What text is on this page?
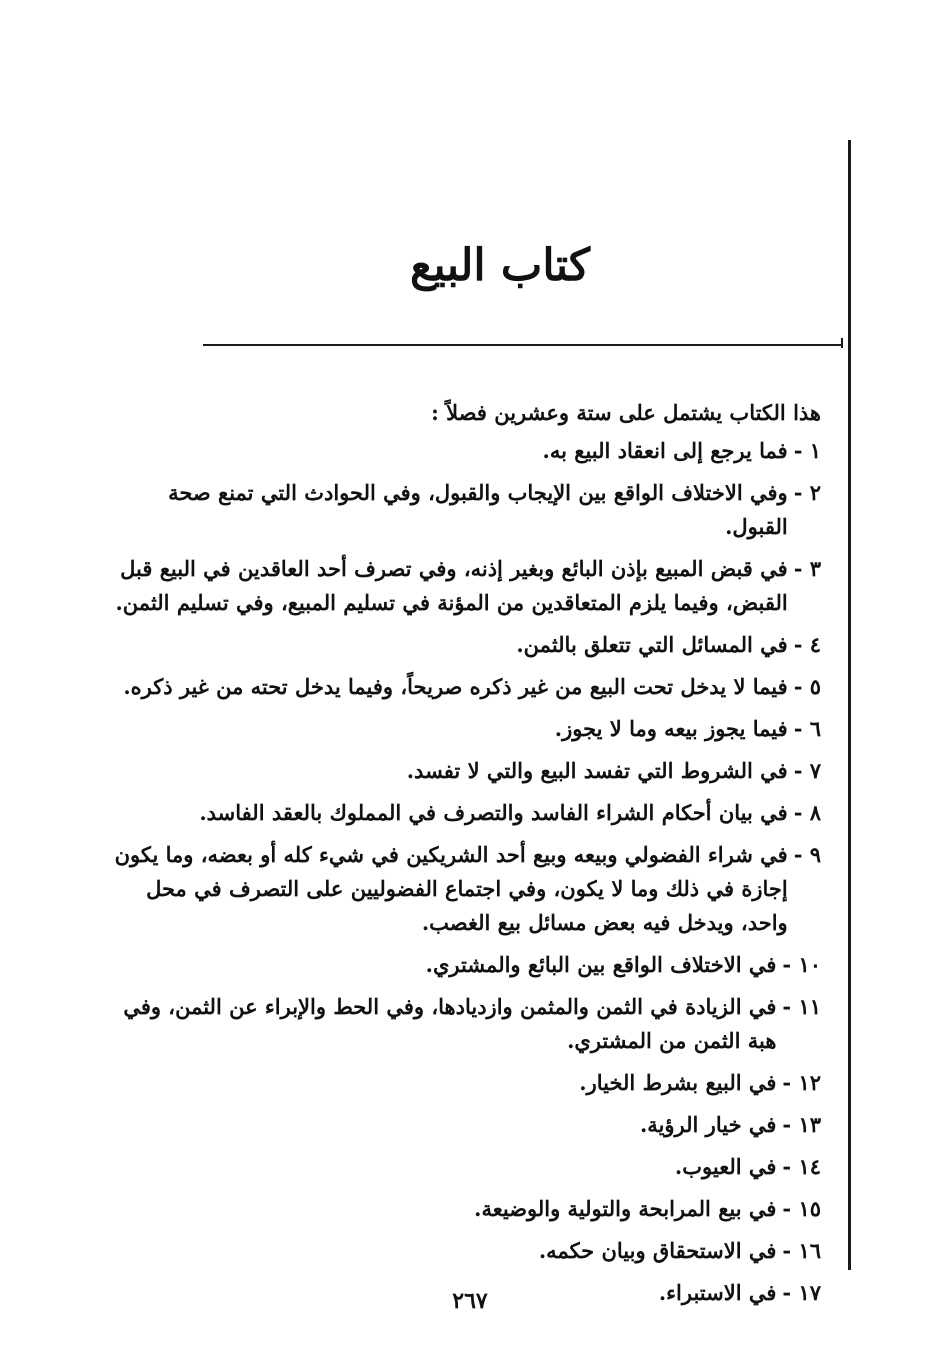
كتاب البيع
هذا الكتاب يشتمل على ستة وعشرين فصلاً :
١ -
فما يرجع إلى انعقاد البيع به.
٢ -
وفي الاختلاف الواقع بين الإيجاب والقبول، وفي الحوادث التي تمنع صحة القبول.
٣ -
في قبض المبيع بإذن البائع وبغير إذنه، وفي تصرف أحد العاقدين في البيع قبل القبض، وفيما يلزم المتعاقدين من المؤنة في تسليم المبيع، وفي تسليم الثمن.
٤ -
في المسائل التي تتعلق بالثمن.
٥ -
فيما لا يدخل تحت البيع من غير ذكره صريحاً، وفيما يدخل تحته من غير ذكره.
٦ -
فيما يجوز بيعه وما لا يجوز.
٧ -
في الشروط التي تفسد البيع والتي لا تفسد.
٨ -
في بيان أحكام الشراء الفاسد والتصرف في المملوك بالعقد الفاسد.
٩ -
في شراء الفضولي وبيعه وبيع أحد الشريكين في شيء كله أو بعضه، وما يكون إجازة في ذلك وما لا يكون، وفي اجتماع الفضوليين على التصرف في محل واحد، ويدخل فيه بعض مسائل بيع الغصب.
١٠ -
في الاختلاف الواقع بين البائع والمشتري.
١١ -
في الزيادة في الثمن والمثمن وازديادها، وفي الحط والإبراء عن الثمن، وفي هبة الثمن من المشتري.
١٢ -
في البيع بشرط الخيار.
١٣ -
في خيار الرؤية.
١٤ -
في العيوب.
١٥ -
في بيع المرابحة والتولية والوضيعة.
١٦ -
في الاستحقاق وبيان حكمه.
١٧ -
في الاستبراء.
٢٦٧
